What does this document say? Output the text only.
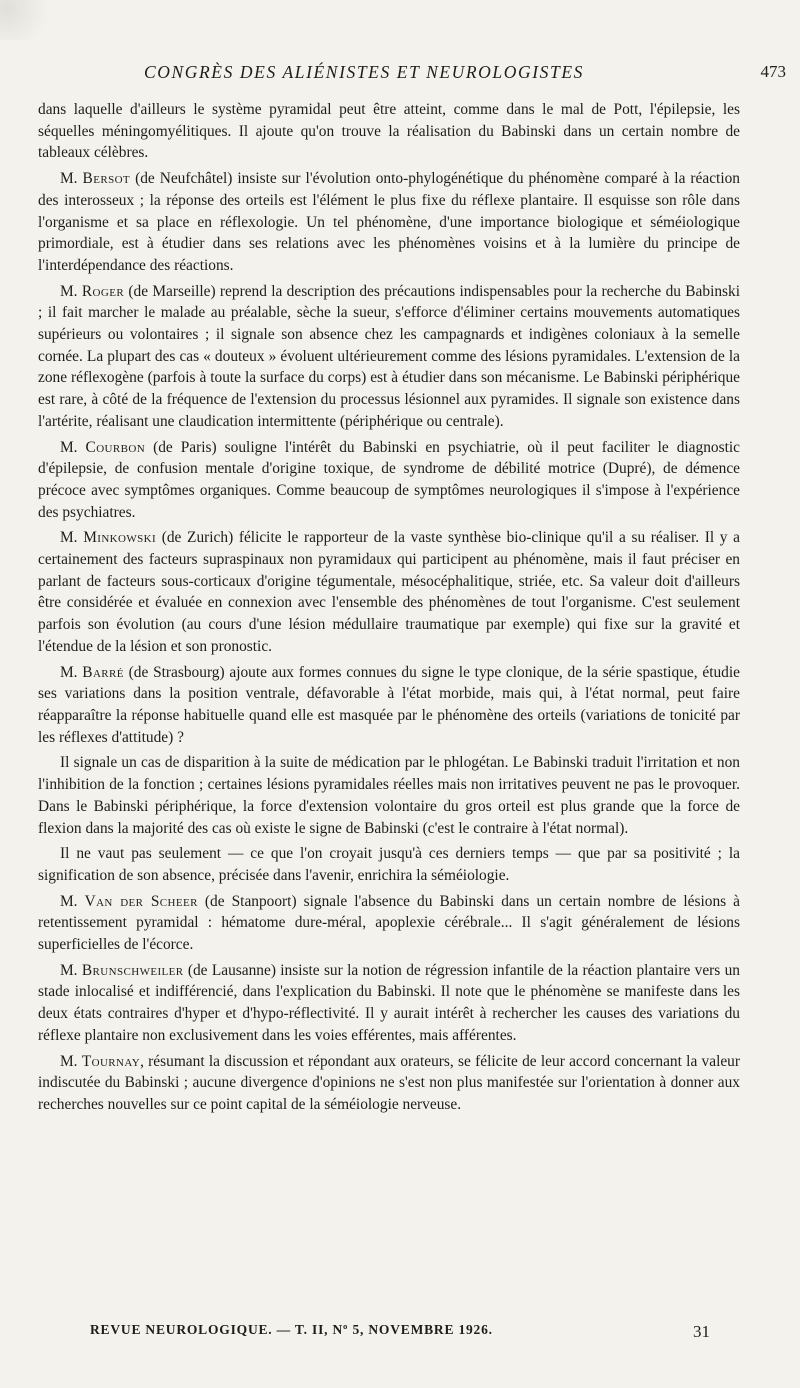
CONGRÈS DES ALIÉNISTES ET NEUROLOGISTES	473

dans laquelle d'ailleurs le système pyramidal peut être atteint, comme dans le mal de Pott, l'épilepsie, les séquelles méningomyélitiques. Il ajoute qu'on trouve la réalisation du Babinski dans un certain nombre de tableaux célèbres.

M. Bersot (de Neufchâtel) insiste sur l'évolution onto-phylogénétique du phénomène comparé à la réaction des interosseux ; la réponse des orteils est l'élément le plus fixe du réflexe plantaire. Il esquisse son rôle dans l'organisme et sa place en réflexologie. Un tel phénomène, d'une importance biologique et séméiologique primordiale, est à étudier dans ses relations avec les phénomènes voisins et à la lumière du principe de l'interdépendance des réactions.

M. Roger (de Marseille) reprend la description des précautions indispensables pour la recherche du Babinski ; il fait marcher le malade au préalable, sèche la sueur, s'efforce d'éliminer certains mouvements automatiques supérieurs ou volontaires ; il signale son absence chez les campagnards et indigènes coloniaux à la semelle cornée. La plupart des cas « douteux » évoluent ultérieurement comme des lésions pyramidales. L'extension de la zone réflexogène (parfois à toute la surface du corps) est à étudier dans son mécanisme. Le Babinski périphérique est rare, à côté de la fréquence de l'extension du processus lésionnel aux pyramides. Il signale son existence dans l'artérite, réalisant une claudication intermittente (périphérique ou centrale).

M. Courbon (de Paris) souligne l'intérêt du Babinski en psychiatrie, où il peut faciliter le diagnostic d'épilepsie, de confusion mentale d'origine toxique, de syndrome de débilité motrice (Dupré), de démence précoce avec symptômes organiques. Comme beaucoup de symptômes neurologiques il s'impose à l'expérience des psychiatres.

M. Minkowski (de Zurich) félicite le rapporteur de la vaste synthèse bio-clinique qu'il a su réaliser. Il y a certainement des facteurs supraspinaux non pyramidaux qui participent au phénomène, mais il faut préciser en parlant de facteurs sous-corticaux d'origine tégumentale, mésocéphalitique, striée, etc. Sa valeur doit d'ailleurs être considérée et évaluée en connexion avec l'ensemble des phénomènes de tout l'organisme. C'est seulement parfois son évolution (au cours d'une lésion médullaire traumatique par exemple) qui fixe sur la gravité et l'étendue de la lésion et son pronostic.

M. Barré (de Strasbourg) ajoute aux formes connues du signe le type clonique, de la série spastique, étudie ses variations dans la position ventrale, défavorable à l'état morbide, mais qui, à l'état normal, peut faire réapparaître la réponse habituelle quand elle est masquée par le phénomène des orteils (variations de tonicité par les réflexes d'attitude) ?

Il signale un cas de disparition à la suite de médication par le phlogétan. Le Babinski traduit l'irritation et non l'inhibition de la fonction ; certaines lésions pyramidales réelles mais non irritatives peuvent ne pas le provoquer. Dans le Babinski périphérique, la force d'extension volontaire du gros orteil est plus grande que la force de flexion dans la majorité des cas où existe le signe de Babinski (c'est le contraire à l'état normal).

Il ne vaut pas seulement — ce que l'on croyait jusqu'à ces derniers temps — que par sa positivité ; la signification de son absence, précisée dans l'avenir, enrichira la séméiologie.

M. Van der Scheer (de Stanpoort) signale l'absence du Babinski dans un certain nombre de lésions à retentissement pyramidal : hématome dure-méral, apoplexie cérébrale... Il s'agit généralement de lésions superficielles de l'écorce.

M. Brunschweiler (de Lausanne) insiste sur la notion de régression infantile de la réaction plantaire vers un stade inlocalisé et indifférencié, dans l'explication du Babinski. Il note que le phénomène se manifeste dans les deux états contraires d'hyper et d'hypo-réflectivité. Il y aurait intérêt à rechercher les causes des variations du réflexe plantaire non exclusivement dans les voies efférentes, mais afférentes.

M. Tournay, résumant la discussion et répondant aux orateurs, se félicite de leur accord concernant la valeur indiscutée du Babinski ; aucune divergence d'opinions ne s'est non plus manifestée sur l'orientation à donner aux recherches nouvelles sur ce point capital de la séméiologie nerveuse.

REVUE NEUROLOGIQUE. — T. II, Nº 5, NOVEMBRE 1926.	31
